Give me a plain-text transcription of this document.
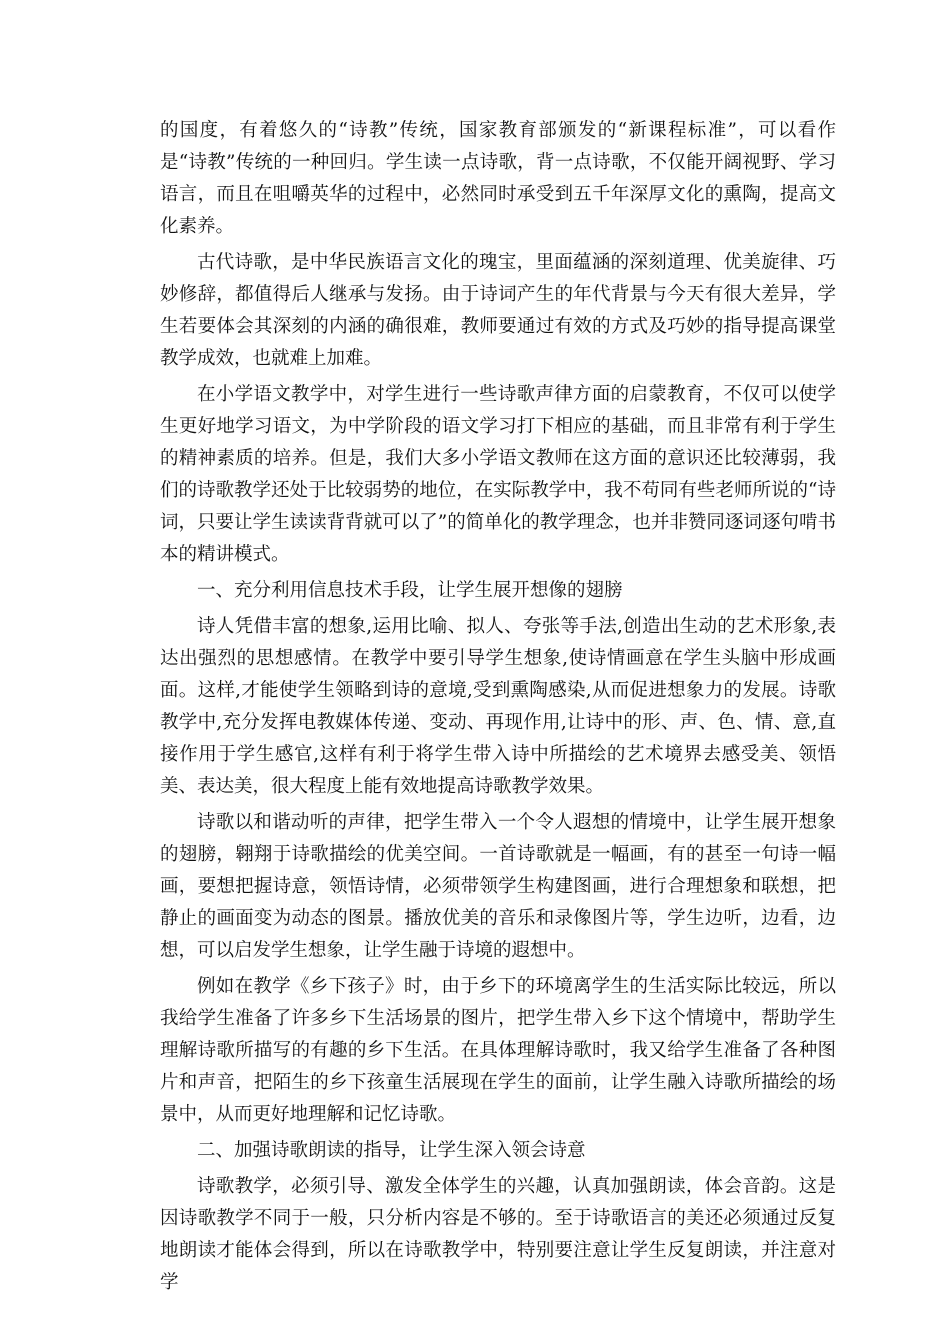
的国度，有着悠久的“诗教”传统，国家教育部颁发的“新课程标准”，可以看作是“诗教”传统的一种回归。学生读一点诗歌，背一点诗歌，不仅能开阔视野、学习语言，而且在咀嚼英华的过程中，必然同时承受到五千年深厚文化的熏陶，提高文化素养。

古代诗歌，是中华民族语言文化的瑰宝，里面蕴涵的深刻道理、优美旋律、巧妙修辞，都值得后人继承与发扬。由于诗词产生的年代背景与今天有很大差异，学生若要体会其深刻的内涵的确很难，教师要通过有效的方式及巧妙的指导提高课堂教学成效，也就难上加难。

在小学语文教学中，对学生进行一些诗歌声律方面的启蒙教育，不仅可以使学生更好地学习语文，为中学阶段的语文学习打下相应的基础，而且非常有利于学生的精神素质的培养。但是，我们大多小学语文教师在这方面的意识还比较薄弱，我们的诗歌教学还处于比较弱势的地位，在实际教学中，我不苟同有些老师所说的“诗词，只要让学生读读背背就可以了”的简单化的教学理念，也并非赞同逐词逐句啃书本的精讲模式。

一、充分利用信息技术手段，让学生展开想像的翅膀

诗人凭借丰富的想象,运用比喻、拟人、夸张等手法,创造出生动的艺术形象,表达出强烈的思想感情。在教学中要引导学生想象,使诗情画意在学生头脑中形成画面。这样,才能使学生领略到诗的意境,受到熏陶感染,从而促进想象力的发展。诗歌教学中,充分发挥电教媒体传递、变动、再现作用,让诗中的形、声、色、情、意,直接作用于学生感官,这样有利于将学生带入诗中所描绘的艺术境界去感受美、领悟美、表达美，很大程度上能有效地提高诗歌教学效果。

诗歌以和谐动听的声律，把学生带入一个令人遐想的情境中，让学生展开想象的翅膀，翱翔于诗歌描绘的优美空间。一首诗歌就是一幅画，有的甚至一句诗一幅画，要想把握诗意，领悟诗情，必须带领学生构建图画，进行合理想象和联想，把静止的画面变为动态的图景。播放优美的音乐和录像图片等，学生边听，边看，边想，可以启发学生想象，让学生融于诗境的遐想中。

例如在教学《乡下孩子》时，由于乡下的环境离学生的生活实际比较远，所以我给学生准备了许多乡下生活场景的图片，把学生带入乡下这个情境中，帮助学生理解诗歌所描写的有趣的乡下生活。在具体理解诗歌时，我又给学生准备了各种图片和声音，把陌生的乡下孩童生活展现在学生的面前，让学生融入诗歌所描绘的场景中，从而更好地理解和记忆诗歌。

二、加强诗歌朗读的指导，让学生深入领会诗意

诗歌教学，必须引导、激发全体学生的兴趣，认真加强朗读，体会音韵。这是因诗歌教学不同于一般，只分析内容是不够的。至于诗歌语言的美还必须通过反复地朗读才能体会得到，所以在诗歌教学中，特别要注意让学生反复朗读，并注意对学
